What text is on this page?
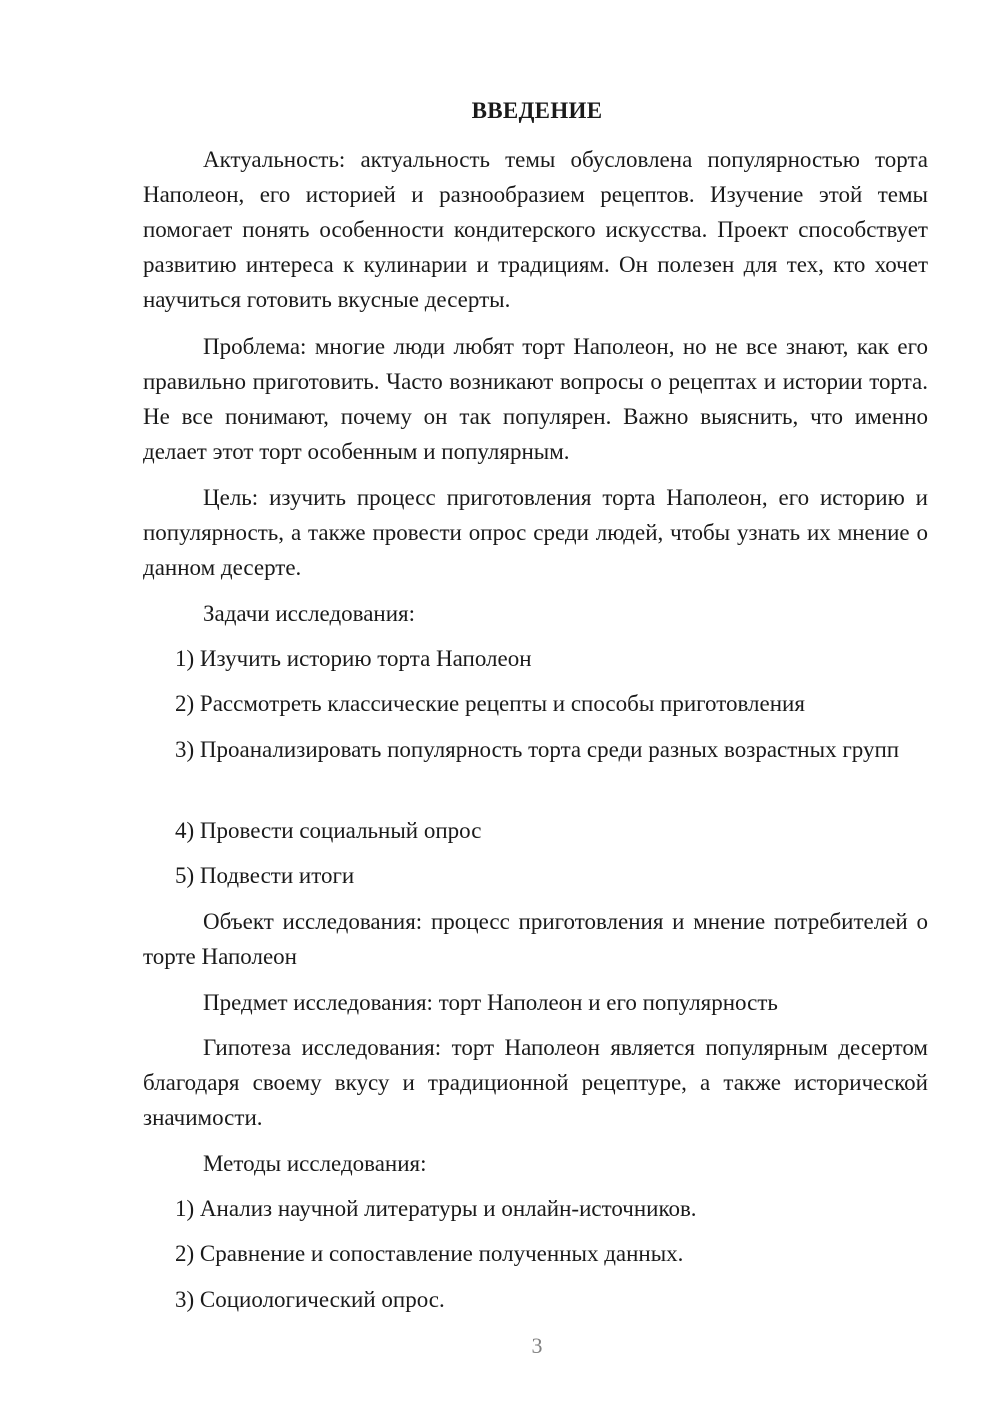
ВВЕДЕНИЕ

Актуальность: актуальность темы обусловлена популярностью торта Наполеон, его историей и разнообразием рецептов. Изучение этой темы помогает понять особенности кондитерского искусства. Проект способствует развитию интереса к кулинарии и традициям. Он полезен для тех, кто хочет научиться готовить вкусные десерты.

Проблема: многие люди любят торт Наполеон, но не все знают, как его правильно приготовить. Часто возникают вопросы о рецептах и истории торта. Не все понимают, почему он так популярен. Важно выяснить, что именно делает этот торт особенным и популярным.

Цель: изучить процесс приготовления торта Наполеон, его историю и популярность, а также провести опрос среди людей, чтобы узнать их мнение о данном десерте.

Задачи исследования:

1) Изучить историю торта Наполеон

2) Рассмотреть классические рецепты и способы приготовления

3) Проанализировать популярность торта среди разных возрастных групп

4) Провести социальный опрос

5) Подвести итоги

Объект исследования: процесс приготовления и мнение потребителей о торте Наполеон

Предмет исследования: торт Наполеон и его популярность

Гипотеза исследования: торт Наполеон является популярным десертом благодаря своему вкусу и традиционной рецептуре, а также исторической значимости.

Методы исследования:

1) Анализ научной литературы и онлайн-источников.

2) Сравнение и сопоставление полученных данных.

3) Социологический опрос.

3
